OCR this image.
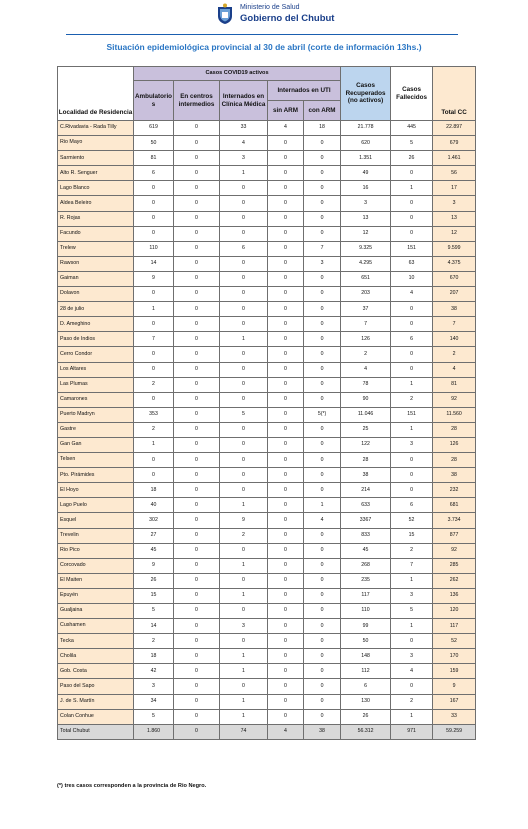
Ministerio de Salud
Gobierno del Chubut
Situación epidemiológica provincial al 30 de abril (corte de información 13hs.)
Localidad de Residencia	Casos COVID19 activos					Casos Recuperados (no activos)	Casos Fallecidos	Total CC
	Ambulatorios	En centros intermedios	Internados en Clínica Médica	Internados en UTI				
				sin ARM	con ARM			
C.Rivadavia - Rada Tilly	619	0	33	4	18	21.778	445	22.897
Rio Mayo	50	0	4	0	0	620	5	679
Sarmiento	81	0	3	0	0	1.351	26	1.461
Alto R. Senguer	6	0	1	0	0	49	0	56
Lago Blanco	0	0	0	0	0	16	1	17
Aldea Beleiro	0	0	0	0	0	3	0	3
R. Rojas	0	0	0	0	0	13	0	13
Facundo	0	0	0	0	0	12	0	12
Trelew	110	0	6	0	7	9.325	151	9.599
Rawson	14	0	0	0	3	4.295	63	4.375
Gaiman	9	0	0	0	0	651	10	670
Dolavon	0	0	0	0	0	203	4	207
28 de julio	1	0	0	0	0	37	0	38
D. Ameghino	0	0	0	0	0	7	0	7
Paso de Indios	7	0	1	0	0	126	6	140
Cerro Condor	0	0	0	0	0	2	0	2
Los Altares	0	0	0	0	0	4	0	4
Las Plumas	2	0	0	0	0	78	1	81
Camarones	0	0	0	0	0	90	2	92
Puerto Madryn	353	0	5	0	5(*)	11.046	151	11.560
Gastre	2	0	0	0	0	25	1	28
Gan Gan	1	0	0	0	0	122	3	126
Telsen	0	0	0	0	0	28	0	28
Pto. Pirámides	0	0	0	0	0	38	0	38
El Hoyo	18	0	0	0	0	214	0	232
Lago Puelo	40	0	1	0	1	633	6	681
Esquel	302	0	9	0	4	3367	52	3.734
Trevelin	27	0	2	0	0	833	15	877
Rio Pico	45	0	0	0	0	45	2	92
Corcovado	9	0	1	0	0	268	7	285
El Maiten	26	0	0	0	0	235	1	262
Epuyén	15	0	1	0	0	117	3	136
Gualjaina	5	0	0	0	0	110	5	120
Cushamen	14	0	3	0	0	99	1	117
Tecka	2	0	0	0	0	50	0	52
Cholila	18	0	1	0	0	148	3	170
Gob. Costa	42	0	1	0	0	112	4	159
Paso del Sapo	3	0	0	0	0	6	0	9
J. de S. Martín	34	0	1	0	0	130	2	167
Colan Conhue	5	0	1	0	0	26	1	33
Total Chubut	1.860	0	74	4	38	56.312	971	59.259
(*) tres casos corresponden a la provincia de Rio Negro.
